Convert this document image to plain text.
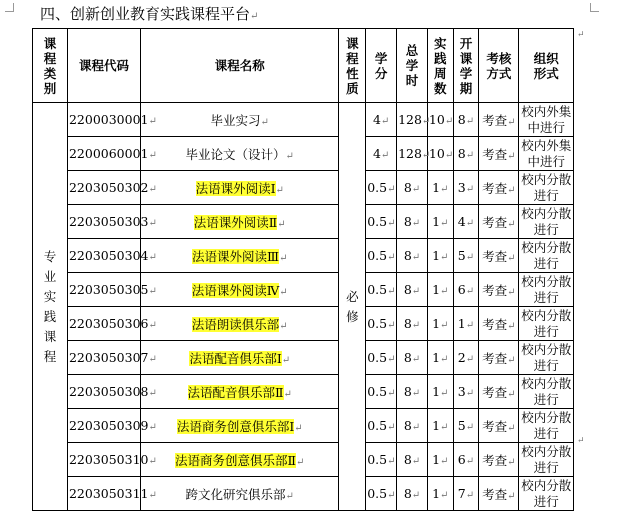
四、创新创业教育实践课程平台↵
课程类别	课程代码	课程名称	课程性质	学分	总学时	实践周数	开课学期	考核方式	组织形式
专业实践课程	2200030001↵	毕业实习↵	必修	4↵	128↵	10↵	8↵	考查↵	校内外集中进行
	2200060001↵	毕业论文（设计）↵		4↵	128↵	10↵	8↵	考查↵	校内外集中进行
	2203050302↵	法语课外阅读Ⅰ↵		0.5↵	8↵	1↵	3↵	考查↵	校内分散进行
	2203050303↵	法语课外阅读Ⅱ↵		0.5↵	8↵	1↵	4↵	考查↵	校内分散进行
	2203050304↵	法语课外阅读Ⅲ↵		0.5↵	8↵	1↵	5↵	考查↵	校内分散进行
	2203050305↵	法语课外阅读Ⅳ↵		0.5↵	8↵	1↵	6↵	考查↵	校内分散进行
	2203050306↵	法语朗读俱乐部↵		0.5↵	8↵	1↵	1↵	考查↵	校内分散进行
	2203050307↵	法语配音俱乐部Ⅰ↵		0.5↵	8↵	1↵	2↵	考查↵	校内分散进行
	2203050308↵	法语配音俱乐部Ⅱ↵		0.5↵	8↵	1↵	3↵	考查↵	校内分散进行
	2203050309↵	法语商务创意俱乐部Ⅰ↵		0.5↵	8↵	1↵	5↵	考查↵	校内分散进行
	2203050310↵	法语商务创意俱乐部Ⅱ↵		0.5↵	8↵	1↵	6↵	考查↵	校内分散进行
	2203050311↵	跨文化研究俱乐部↵		0.5↵	8↵	1↵	7↵	考查↵	校内分散进行
↵
↵
